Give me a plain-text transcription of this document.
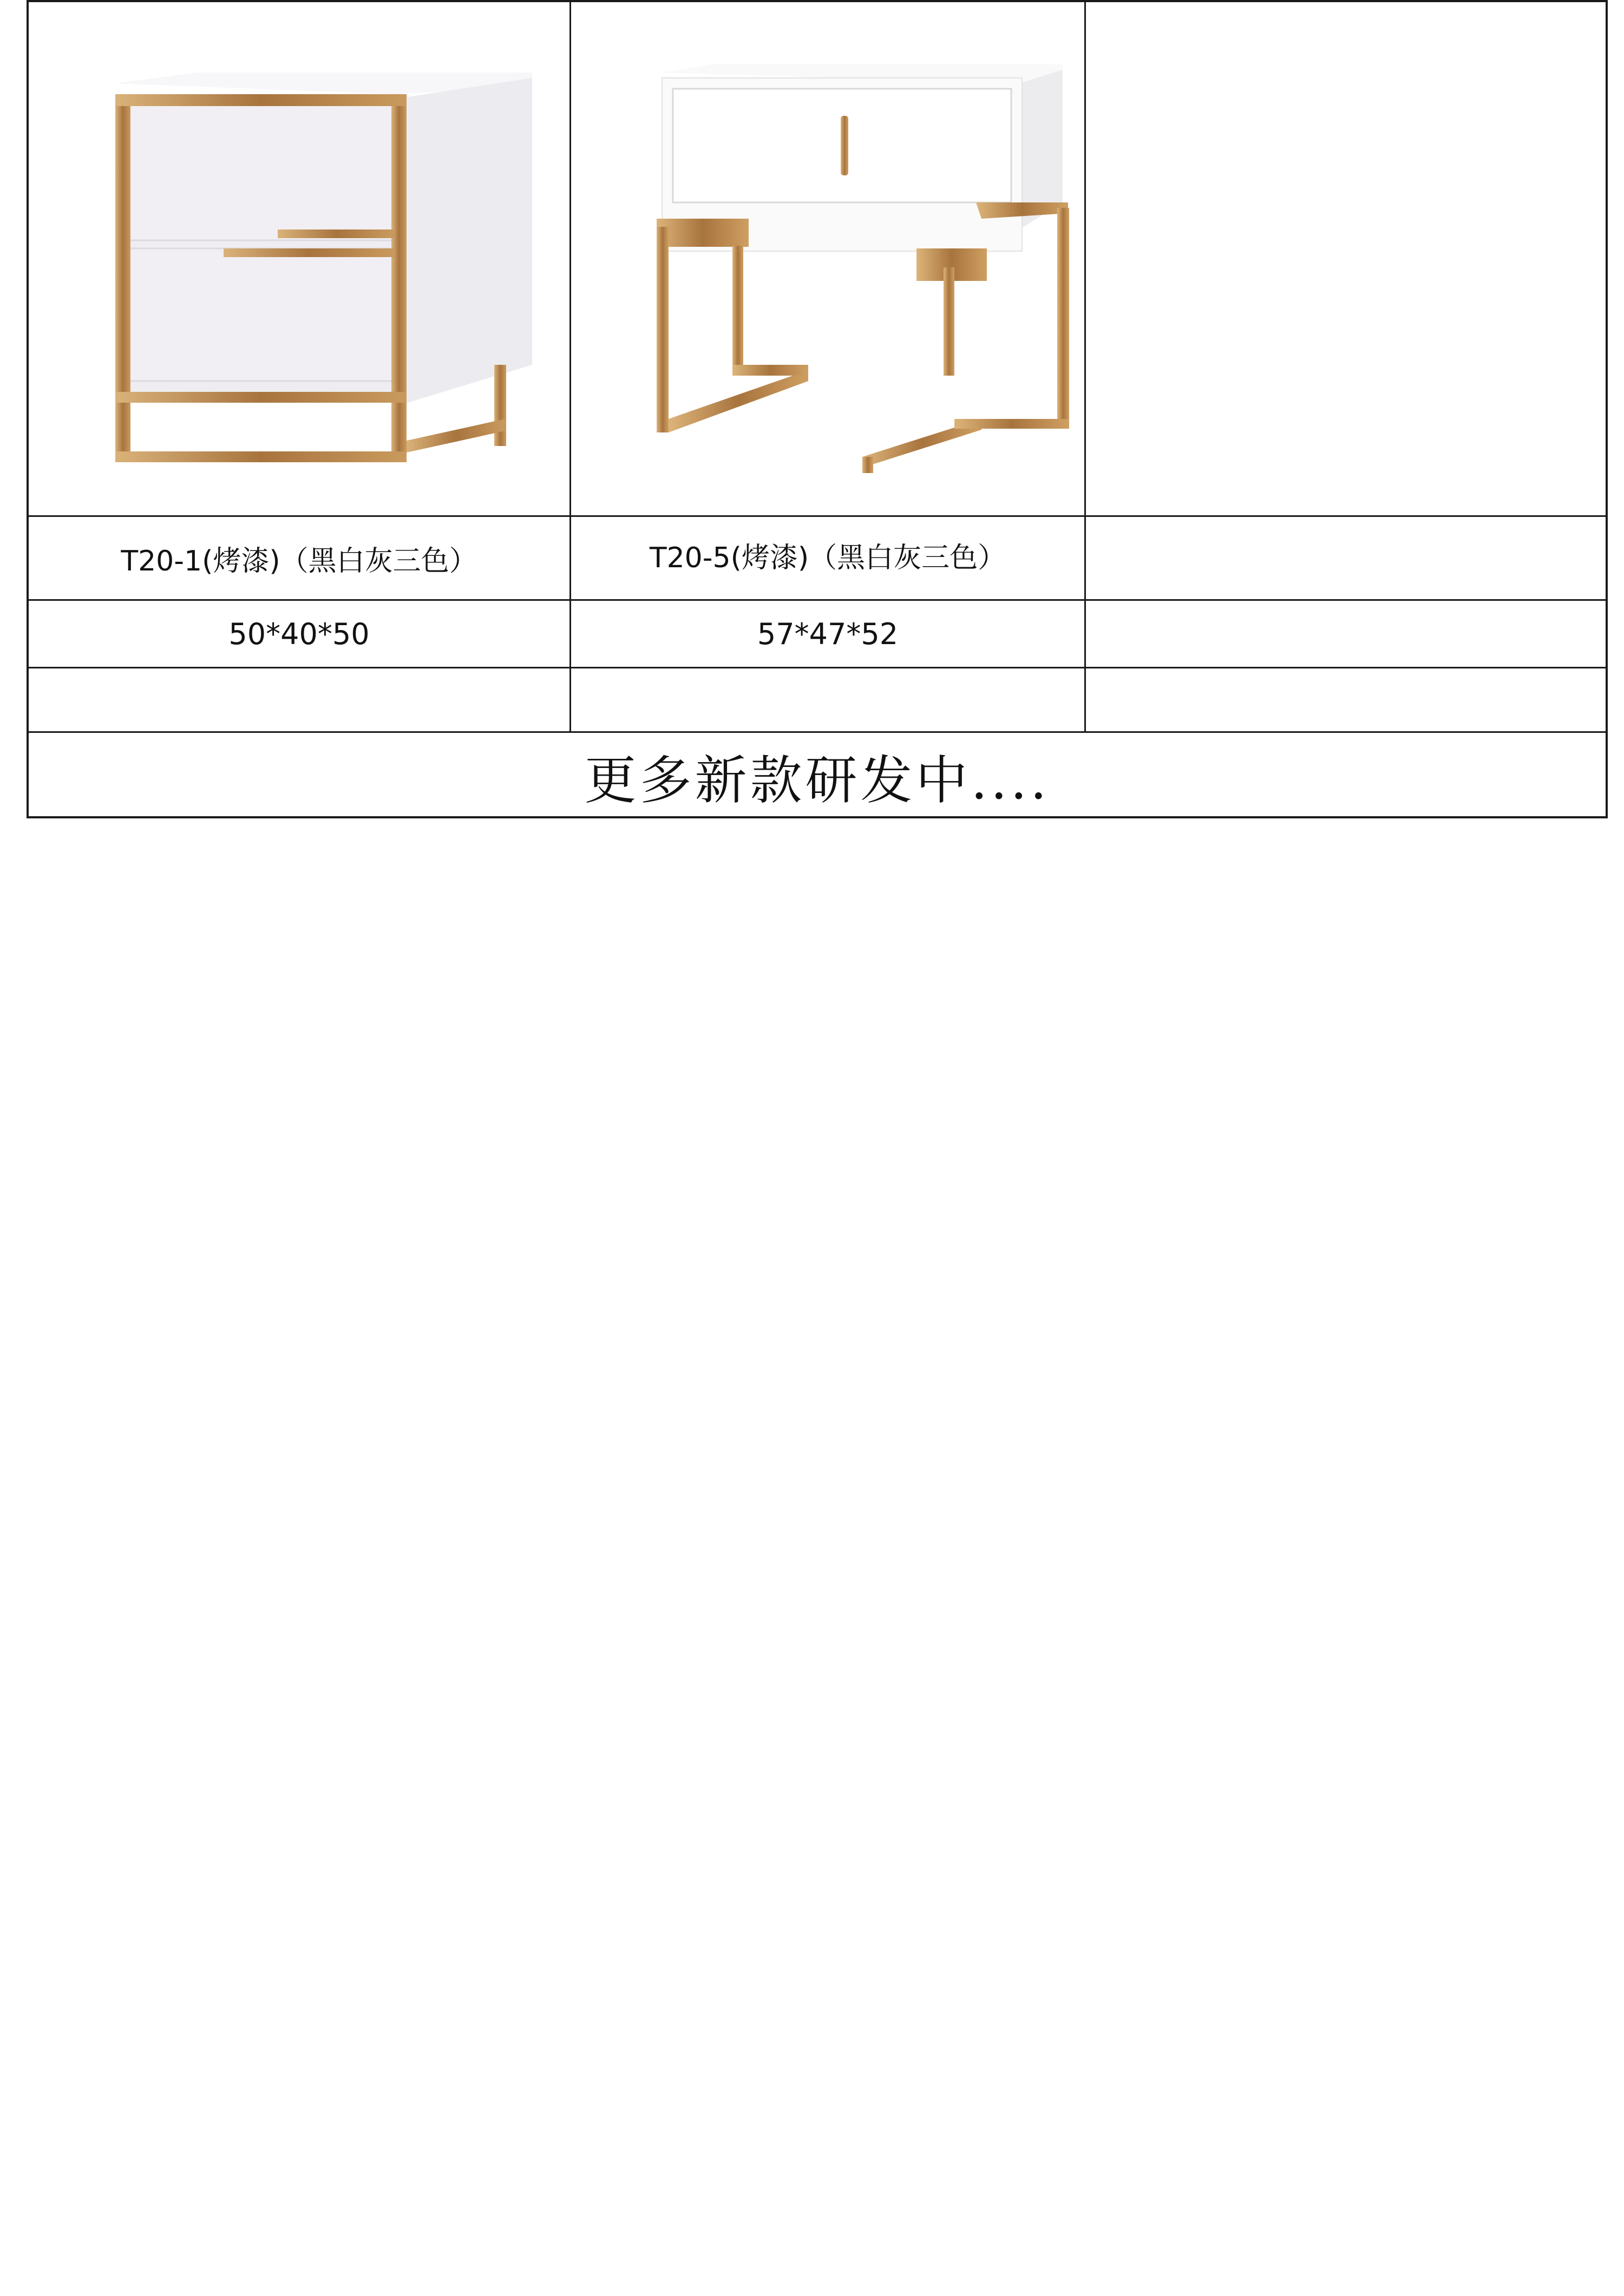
T20-1(烤漆)（黑白灰三色）	T20-5(烤漆)（黑白灰三色）
50*40*50	57*47*52
更多新款研发中....
